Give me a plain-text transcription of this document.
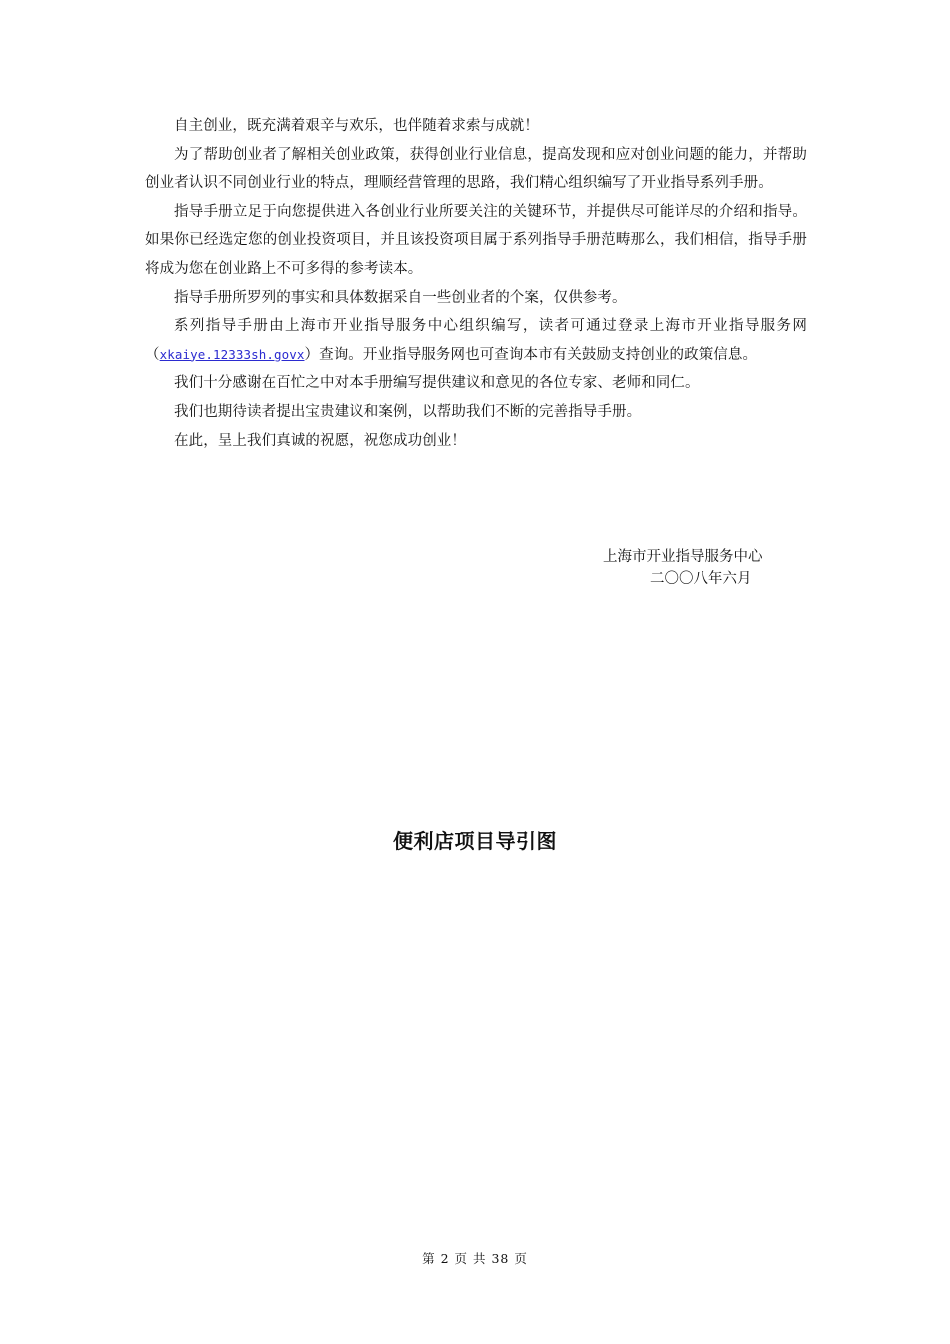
自主创业，既充满着艰辛与欢乐，也伴随着求索与成就！

为了帮助创业者了解相关创业政策，获得创业行业信息，提高发现和应对创业问题的能力，并帮助创业者认识不同创业行业的特点，理顺经营管理的思路，我们精心组织编写了开业指导系列手册。

指导手册立足于向您提供进入各创业行业所要关注的关键环节，并提供尽可能详尽的介绍和指导。如果你已经选定您的创业投资项目，并且该投资项目属于系列指导手册范畴那么，我们相信，指导手册将成为您在创业路上不可多得的参考读本。

指导手册所罗列的事实和具体数据采自一些创业者的个案，仅供参考。

系列指导手册由上海市开业指导服务中心组织编写，读者可通过登录上海市开业指导服务网（xkaiye.12333sh.govx）查询。开业指导服务网也可查询本市有关鼓励支持创业的政策信息。

我们十分感谢在百忙之中对本手册编写提供建议和意见的各位专家、老师和同仁。

我们也期待读者提出宝贵建议和案例，以帮助我们不断的完善指导手册。

在此，呈上我们真诚的祝愿，祝您成功创业！

上海市开业指导服务中心
二〇〇八年六月
便利店项目导引图
第 2 页 共 38 页
